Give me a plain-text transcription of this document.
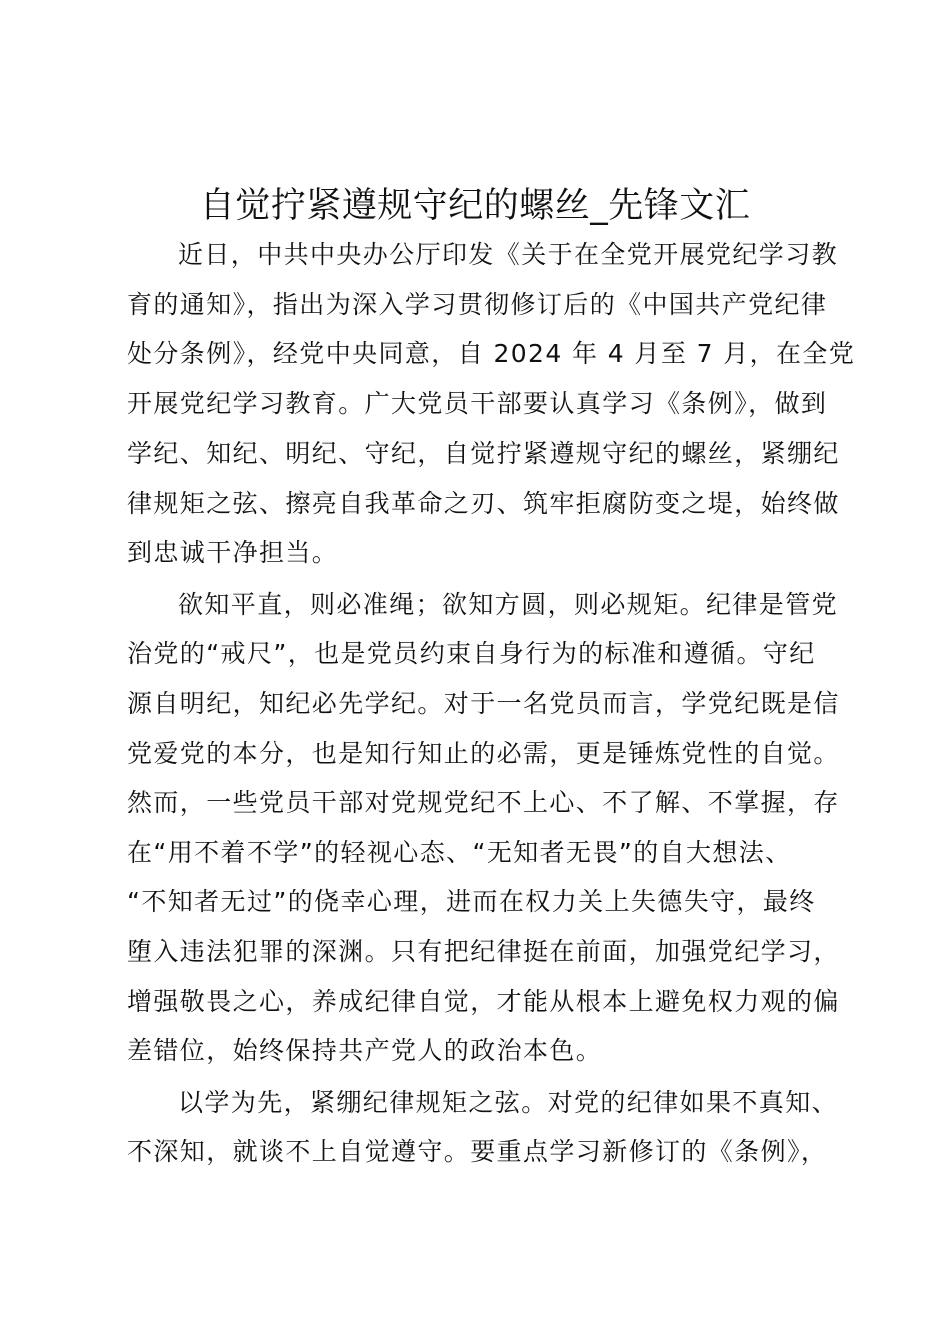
自觉拧紧遵规守纪的螺丝_先锋文汇
近日，中共中央办公厅印发《关于在全党开展党纪学习教
育的通知》，指出为深入学习贯彻修订后的《中国共产党纪律
处分条例》，经党中央同意，自 2024 年 4 月至 7 月，在全党
开展党纪学习教育。广大党员干部要认真学习《条例》，做到
学纪、知纪、明纪、守纪，自觉拧紧遵规守纪的螺丝，紧绷纪
律规矩之弦、擦亮自我革命之刃、筑牢拒腐防变之堤，始终做
到忠诚干净担当。
欲知平直，则必准绳；欲知方圆，则必规矩。纪律是管党
治党的“戒尺”，也是党员约束自身行为的标准和遵循。守纪
源自明纪，知纪必先学纪。对于一名党员而言，学党纪既是信
党爱党的本分，也是知行知止的必需，更是锤炼党性的自觉。
然而，一些党员干部对党规党纪不上心、不了解、不掌握，存
在“用不着不学”的轻视心态、“无知者无畏”的自大想法、
“不知者无过”的侥幸心理，进而在权力关上失德失守，最终
堕入违法犯罪的深渊。只有把纪律挺在前面，加强党纪学习，
增强敬畏之心，养成纪律自觉，才能从根本上避免权力观的偏
差错位，始终保持共产党人的政治本色。
以学为先，紧绷纪律规矩之弦。对党的纪律如果不真知、
不深知，就谈不上自觉遵守。要重点学习新修订的《条例》，
